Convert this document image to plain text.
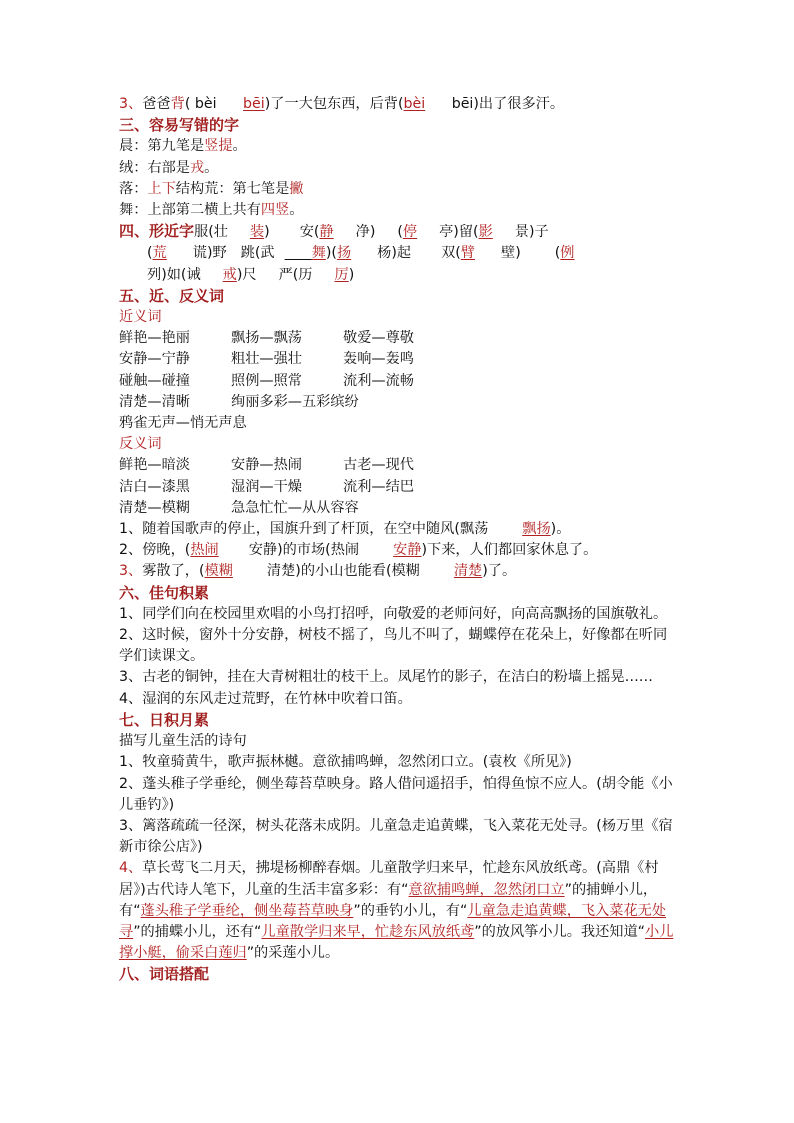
3、爸爸背( bèi bēi)了一大包东西，后背(bèi bēi)出了很多汗。
三、容易写错的字
晨：第九笔是竖提。
绒：右部是戎。
落：上下结构荒：第七笔是撇
舞：上部第二横上共有四竖。
四、形近字服(壮 装) 安(静 净) (停 亭)留(影 景)子
(荒 谎)野 跳(武	舞)(扬 杨)起 双(臂 壁) (例
列)如(诫 戒)尺 严(历 厉)
五、近、反义词
近义词
鲜艳—艳丽	飘扬—飘荡	敬爱—尊敬
安静—宁静	粗壮—强壮	轰响—轰鸣
碰触—碰撞	照例—照常	流利—流畅
清楚—清晰	绚丽多彩—五彩缤纷
鸦雀无声—悄无声息
反义词
鲜艳—暗淡	安静—热闹	古老—现代
洁白—漆黑	湿润—干燥	流利—结巴
清楚—模糊	急急忙忙—从从容容
1、随着国歌声的停止，国旗升到了杆顶，在空中随风(飘荡 飘扬)。
2、傍晚，(热闹 安静)的市场(热闹 安静)下来，人们都回家休息了。
3、雾散了，(模糊 清楚)的小山也能看(模糊 清楚)了。
六、佳句积累
1、同学们向在校园里欢唱的小鸟打招呼，向敬爱的老师问好，向高高飘扬的国旗敬礼。
2、这时候，窗外十分安静，树枝不摇了，鸟儿不叫了，蝴蝶停在花朵上，好像都在听同学们读课文。
3、古老的铜钟，挂在大青树粗壮的枝干上。凤尾竹的影子，在洁白的粉墙上摇晃……
4、湿润的东风走过荒野，在竹林中吹着口笛。
七、日积月累
描写儿童生活的诗句
1、牧童骑黄牛，歌声振林樾。意欲捕鸣蝉，忽然闭口立。(袁枚《所见》)
2、蓬头稚子学垂纶，侧坐莓苔草映身。路人借问遥招手，怕得鱼惊不应人。(胡令能《小儿垂钓》)
3、篱落疏疏一径深，树头花落未成阴。儿童急走追黄蝶，飞入菜花无处寻。(杨万里《宿新市徐公店》)
4、草长莺飞二月天，拂堤杨柳醉春烟。儿童散学归来早，忙趁东风放纸鸢。(高鼎《村居》)古代诗人笔下，儿童的生活丰富多彩：有“意欲捕鸣蝉，忽然闭口立”的捕蝉小儿，有“蓬头稚子学垂纶，侧坐莓苔草映身”的垂钓小儿，有“儿童急走追黄蝶，飞入菜花无处寻”的捕蝶小儿，还有“儿童散学归来早，忙趁东风放纸鸢”的放风筝小儿。我还知道“小儿撑小艇，偷采白莲归”的采莲小儿。
八、词语搭配
